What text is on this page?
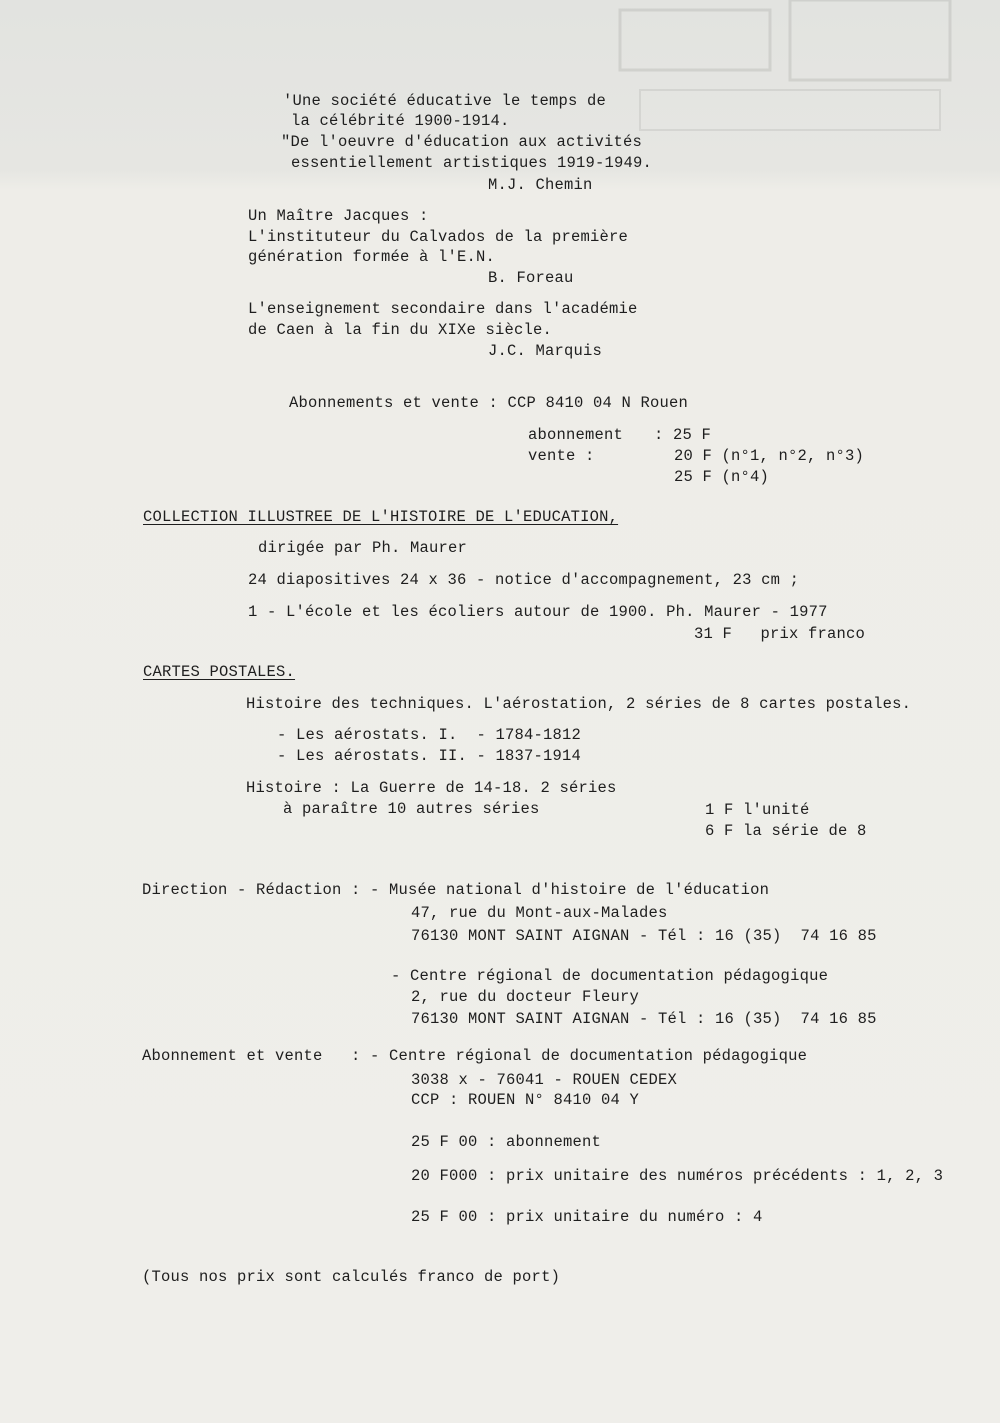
'Une société éducative le temps de
la célébrité 1900-1914.
"De l'oeuvre d'éducation aux activités
essentiellement artistiques 1919-1949.
M.J. Chemin
Un Maître Jacques :
L'instituteur du Calvados de la première
génération formée à l'E.N.
B. Foreau
L'enseignement secondaire dans l'académie
de Caen à la fin du XIXe siècle.
J.C. Marquis
Abonnements et vente : CCP 8410 04 N Rouen
abonnement : 25 F
vente :	20 F (n°1, n°2, n°3)
25 F (n°4)
COLLECTION ILLUSTREE DE L'HISTOIRE DE L'EDUCATION,
dirigée par Ph. Maurer
24 diapositives 24 x 36 - notice d'accompagnement, 23 cm ;
1 - L'école et les écoliers autour de 1900. Ph. Maurer - 1977
31 F   prix franco
CARTES POSTALES.
Histoire des techniques. L'aérostation, 2 séries de 8 cartes postales.
- Les aérostats. I.  - 1784-1812
- Les aérostats. II. - 1837-1914
Histoire : La Guerre de 14-18. 2 séries
à paraître 10 autres séries	1 F l'unité
6 F la série de 8
Direction - Rédaction : - Musée national d'histoire de l'éducation
47, rue du Mont-aux-Malades
76130 MONT SAINT AIGNAN - Tél : 16 (35)  74 16 85
- Centre régional de documentation pédagogique
2, rue du docteur Fleury
76130 MONT SAINT AIGNAN - Tél : 16 (35)  74 16 85
Abonnement et vente   : - Centre régional de documentation pédagogique
3038 x - 76041 - ROUEN CEDEX
CCP : ROUEN N° 8410 04 Y
25 F 00 : abonnement
20 F000 : prix unitaire des numéros précédents : 1, 2, 3
25 F 00 : prix unitaire du numéro : 4
(Tous nos prix sont calculés franco de port)
